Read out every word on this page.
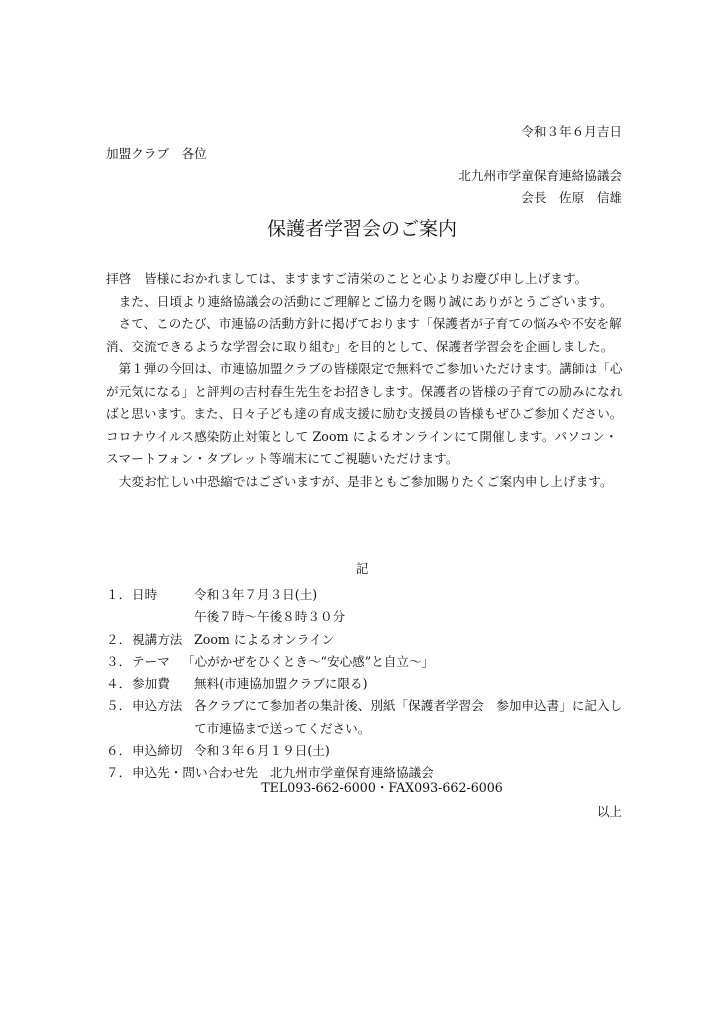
令和３年６月吉日
加盟クラブ　各位
北九州市学童保育連絡協議会
会長　佐原　信雄
保護者学習会のご案内
拝啓　皆様におかれましては、ますますご清栄のことと心よりお慶び申し上げます。
　また、日頃より連絡協議会の活動にご理解とご協力を賜り誠にありがとうございます。
　さて、このたび、市連協の活動方針に掲げております「保護者が子育ての悩みや不安を解
消、交流できるような学習会に取り組む」を目的として、保護者学習会を企画しました。
　第１弾の今回は、市連協加盟クラブの皆様限定で無料でご参加いただけます。講師は「心
が元気になる」と評判の吉村春生先生をお招きします。保護者の皆様の子育ての励みになれ
ばと思います。また、日々子ども達の育成支援に励む支援員の皆様もぜひご参加ください。
コロナウイルス感染防止対策として Zoom によるオンラインにて開催します。パソコン・
スマートフォン・タブレット等端末にてご視聴いただけます。
　大変お忙しい中恐縮ではございますが、是非ともご参加賜りたくご案内申し上げます。
記
１． 日時	令和３年７月３日(土)
午後７時～午後８時３０分
２． 視講方法 Zoom によるオンライン
３． テーマ 「心がかぜをひくとき～“安心感”と自立～」
４． 参加費 無料(市連協加盟クラブに限る)
５． 申込方法 各クラブにて参加者の集計後、別紙「保護者学習会　参加申込書」に記入し
て市連協まで送ってください。
６． 申込締切 令和３年６月１９日(土)
７． 申込先・問い合わせ先 北九州市学童保育連絡協議会
TEL093-662-6000・FAX093-662-6006
以上
